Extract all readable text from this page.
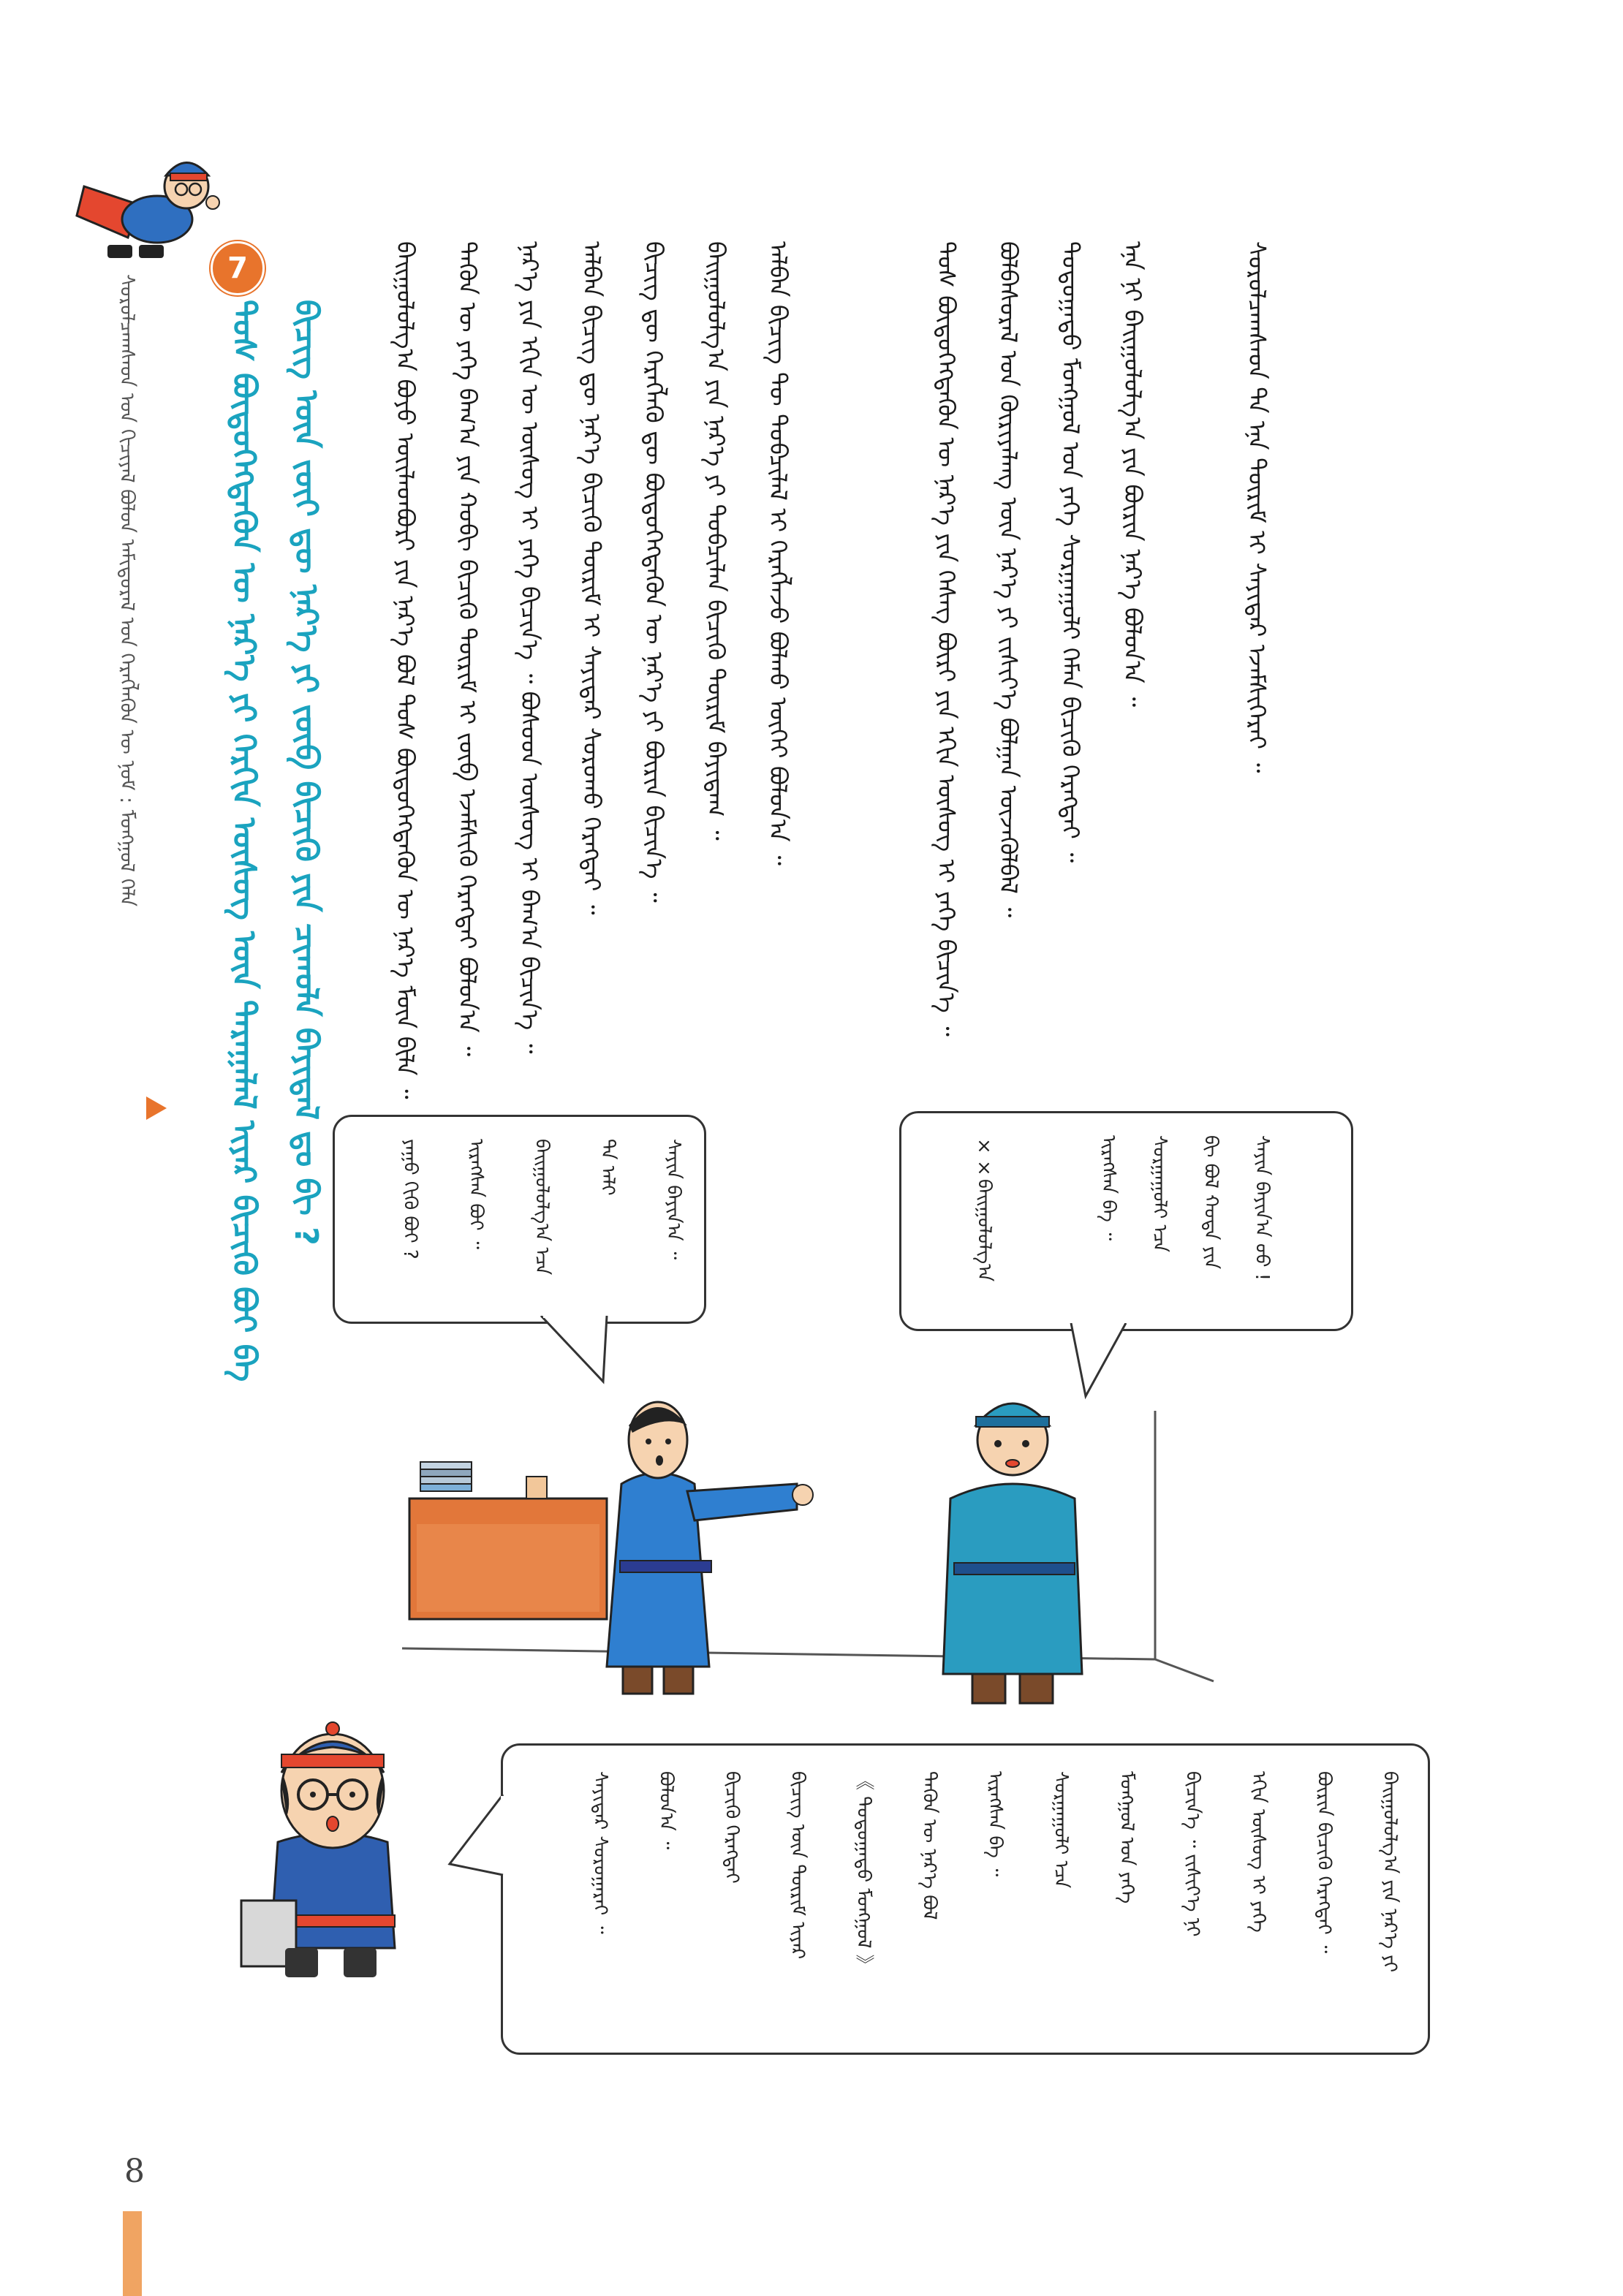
ᠰᠤᠷᠤᠯᠴᠠᠭᠰᠠᠳ ᠤᠨ ᠬᠢᠴᠢᠶᠡᠯ ᠪᠤᠯᠤᠨ ᠠᠮᠢᠳᠤᠷᠠᠯ ᠤᠨ ᠬᠡᠷᠡᠭᠯᠡᠬᠦᠨ ᠦ ᠨᠣᠮ : ᠮᠣᠩᠭᠣᠯ ᠬᠡᠯᠡ
7
ᠲᠤᠰ ᠪᠦᠲᠦᠭᠡᠭᠳᠡᠬᠦᠨ ᠦ ᠨᠡᠷ᠎ᠡ ᠶᠢ ᠬᠡᠷᠬᠢᠨ ᠦᠰᠦᠭ ᠦᠨ ᠳᠠᠷᠠᠭᠠᠯᠠᠯ ᠢᠶᠠᠷ ᠪᠢᠴᠢᠬᠦ ᠪᠤᠢ ᠪᠡ ᠪᠢᠴᠢᠭ᠌ ᠦᠨ ᠵᠦᠢ ᠳᠦ ᠨᠡᠷ᠎ᠡ ᠶᠢ ᠵᠥᠪ ᠪᠢᠴᠢᠬᠦ ᠶᠢᠨ ᠴᠢᠬᠤᠯᠠ ᠪᠠᠶᠢᠳᠠᠯ ᠳᠤ ᠪᠢ ?	ᠪᠠᠢᠭᠤᠯᠤᠯᠭ᠎ᠠ ᠪᠤᠶᠤ ᠦᠢᠯᠡᠳᠪᠦᠷᠢ ᠶᠢᠨ ᠨᠡᠷ᠎ᠡ ᠪᠤᠯ ᠲᠤᠰ ᠪᠦᠲᠦᠭᠡᠭᠳᠡᠬᠦᠨ ᠦ ᠨᠡᠷ᠎ᠡ ᠮᠥᠨ ᠪᠢᠯᠡ ᠃	ᠲᠡᠭᠦᠨ ᠦ ᠶᠡᠬᠡ ᠪᠠᠭ᠎ᠠ ᠶᠢᠨ ᠬᠤᠪᠢ ᠪᠢᠴᠢᠬᠦ ᠳᠦᠷᠢᠮ ᠢ ᠵᠥᠪ ᠡᠵᠡᠮᠰᠢᠬᠦ ᠬᠡᠷᠡᠭᠲᠡᠢ ᠪᠤᠯᠤᠨ᠎ᠠ ᠃	ᠨᠡᠷ᠎ᠡ ᠶᠢᠨ ᠡᠬᠢᠨ ᠦ ᠦᠰᠦᠭ ᠢ ᠶᠡᠬᠡ ᠪᠢᠴᠢᠨ᠎ᠡ ᠃ ᠪᠤᠰᠤᠳ ᠦᠰᠦᠭ ᠢ ᠪᠠᠭ᠎ᠠ ᠪᠢᠴᠢᠨ᠎ᠡ ᠃	ᠠᠯᠪᠠᠨ ᠪᠢᠴᠢᠭ᠌ ᠳᠦ ᠨᠡᠷ᠎ᠡ ᠪᠢᠴᠢᠬᠦ ᠳᠦᠷᠢᠮ ᠢ ᠰᠠᠶᠢᠲᠠᠷ ᠰᠤᠷᠤᠬᠤ ᠬᠡᠷᠡᠭᠲᠡᠢ ᠃	ᠪᠢᠴᠢᠭ᠌ ᠳᠦ ᠬᠡᠷᠡᠭᠯᠡᠬᠦ ᠳᠦ ᠪᠦᠲᠦᠭᠡᠭᠳᠡᠬᠦᠨ ᠦ ᠨᠡᠷ᠎ᠡ ᠶᠢ ᠪᠦᠷᠢᠨ ᠪᠢᠴᠢᠨ᠎ᠡ ᠃	ᠪᠠᠢᠭᠤᠯᠤᠯᠭ᠎ᠠ ᠶᠢᠨ ᠨᠡᠷ᠎ᠡ ᠶᠢ ᠲᠣᠪᠴᠢᠯᠠᠨ ᠪᠢᠴᠢᠬᠦ ᠳᠦᠷᠢᠮ ᠪᠠᠶᠢᠳᠠᠭ ᠃	ᠠᠯᠪᠠᠨ ᠪᠢᠴᠢᠭ᠌ ᠲᠦ ᠲᠣᠪᠴᠢᠯᠠᠯ ᠢ ᠬᠡᠷᠡᠭᠯᠡᠵᠦ ᠪᠣᠯᠬᠤ ᠦᠭᠡᠢ ᠪᠤᠯᠤᠨ᠎ᠠ ᠃	ᠲᠤᠰ ᠪᠦᠲᠦᠭᠡᠭᠳᠡᠬᠦᠨ ᠦ ᠨᠡᠷ᠎ᠡ ᠶᠢᠨ ᠬᠡᠰᠡᠭ ᠪᠦᠷᠢ ᠶᠢᠨ ᠡᠬᠢᠨ ᠦᠰᠦᠭ ᠢ ᠶᠡᠬᠡ ᠪᠢᠴᠢᠨ᠎ᠡ ᠃	ᠪᠣᠯᠪᠠᠰᠤᠷᠠᠯ ᠤᠨ ᠬᠦᠷᠢᠶᠡᠯᠡᠩ ᠦᠨ ᠨᠡᠷ᠎ᠡ ᠶᠢ ᠵᠢᠱᠢᠶ᠎ᠡ ᠪᠣᠯᠭᠠᠨ ᠦᠵᠡᠭᠦᠯᠪᠡᠯ ᠃	ᠳᠣᠲᠣᠭᠠᠳᠤ ᠮᠤᠩᠭᠤᠯ ᠤᠨ ᠶᠡᠬᠡ ᠰᠤᠷᠭᠠᠭᠤᠯᠢ ᠬᠡᠮᠡᠨ ᠪᠢᠴᠢᠬᠦ ᠬᠡᠷᠡᠭᠲᠡᠢ ᠃	ᠡᠨᠡ ᠨᠢ ᠪᠠᠢᠭᠤᠯᠤᠯᠭ᠎ᠠ ᠶᠢᠨ ᠪᠦᠷᠢᠨ ᠨᠡᠷ᠎ᠡ ᠪᠣᠯᠤᠨ᠎ᠠ ᠃	ᠰᠤᠷᠤᠯᠴᠠᠭᠰᠠᠳ ᠲᠠ ᠡᠨᠡ ᠳᠦᠷᠢᠮ ᠢ ᠰᠠᠶᠢᠲᠠᠷ ᠡᠵᠡᠮᠰᠢᠭᠡᠷᠡᠢ ᠃
ᠰᠠᠶᠢᠨ ᠪᠠᠶᠢᠨ᠎ᠠ ᠤᠤ !
ᠪᠢ ᠪᠤᠯ ᠬᠣᠲᠠ ᠶᠢᠨ
ᠰᠤᠷᠭᠠᠭᠤᠯᠢ ᠡᠴᠡ
ᠢᠷᠡᠭᠰᠡᠨ ᠪᠡ ᠃
××ᠪᠠᠢᠭᠤᠯᠤᠯᠭ᠎ᠠ
ᠰᠠᠶᠢᠨ ᠪᠠᠶᠢᠨ᠎ᠠ ᠃
ᠲᠠ ᠠᠯᠢ
ᠪᠠᠢᠭᠤᠯᠤᠯᠭ᠎ᠠ ᠡᠴᠡ
ᠢᠷᠡᠭᠰᠡᠨ ᠪᠤᠢ ᠃
ᠶᠠᠭᠤ ᠬᠢᠬᠦ ᠪᠤᠢ ?
ᠪᠠᠢᠭᠤᠯᠤᠯᠭ᠎ᠠ ᠶᠢᠨ ᠨᠡᠷ᠎ᠡ ᠶᠢ
ᠪᠦᠷᠢᠨ ᠪᠢᠴᠢᠬᠦ ᠬᠡᠷᠡᠭᠲᠡᠢ ᠃
ᠡᠬᠢᠨ ᠦᠰᠦᠭ ᠢ ᠶᠡᠬᠡ
ᠪᠢᠴᠢᠨ᠎ᠡ ᠃ ᠵᠢᠱᠢᠶ᠎ᠡ ᠨᠢ
ᠮᠤᠩᠭᠤᠯ ᠤᠨ ᠶᠡᠬᠡ
ᠰᠤᠷᠭᠠᠭᠤᠯᠢ ᠡᠴᠡ
ᠢᠷᠡᠭᠰᠡᠨ ᠪᠡ ᠃
ᠲᠡᠭᠦᠨ ᠦ ᠨᠡᠷ᠎ᠡ ᠪᠤᠯ
《 ᠳᠣᠲᠣᠭᠠᠳᠤ ᠮᠣᠩᠭᠣᠯ 》
ᠪᠢᠴᠢᠭ᠌ ᠦᠨ ᠳᠦᠷᠢᠮ ᠢᠶᠠᠷ
ᠪᠢᠴᠢᠬᠦ ᠬᠡᠷᠡᠭᠲᠡᠢ
ᠪᠤᠯᠤᠨ᠎ᠠ ᠃
ᠰᠠᠶᠢᠲᠠᠷ ᠰᠤᠷᠤᠭᠠᠷᠠᠢ ᠃
8
